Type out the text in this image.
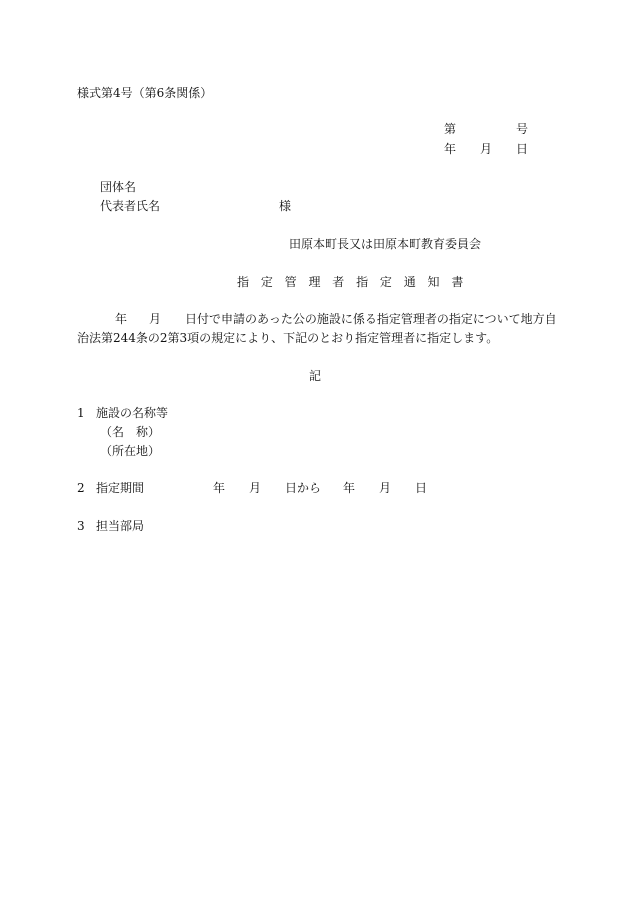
様式第4号（第6条関係）
第	号
年 月 日
団体名
代表者氏名	様
田原本町長又は田原本町教育委員会
指 定 管 理 者 指 定 通 知 書
年 月 日付で申請のあった公の施設に係る指定管理者の指定について地方自
治法第244条の2第3項の規定により、下記のとおり指定管理者に指定します。
記
1 施設の名称等
（名　称）
（所在地）
2 指定期間	年 月 日から 年 月 日
3 担当部局
